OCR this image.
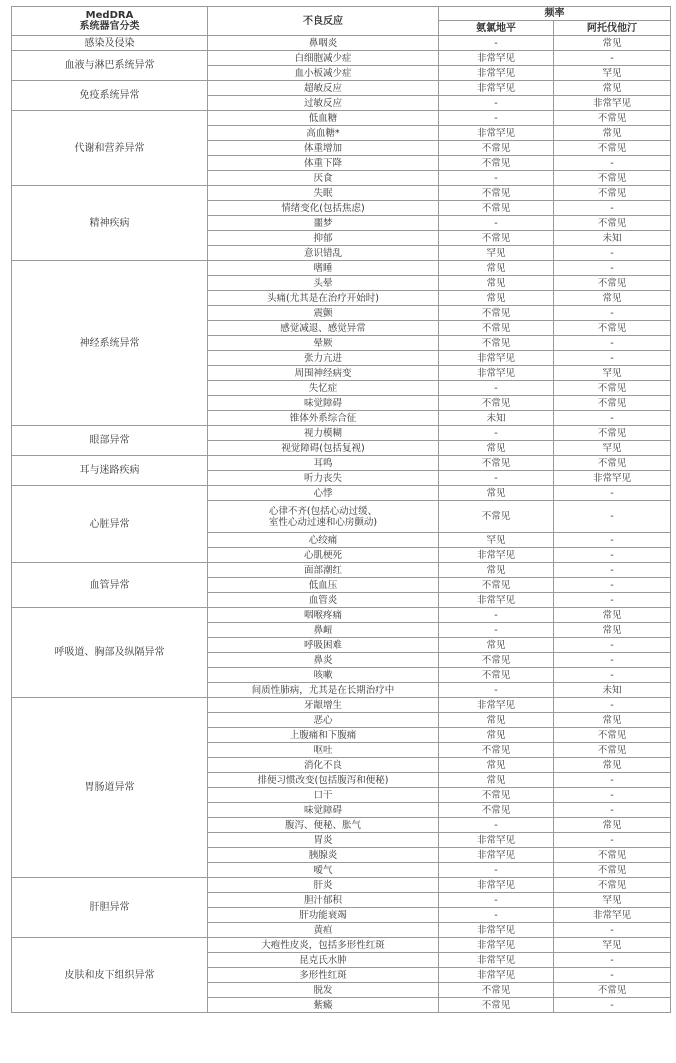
MedDRA
系统器官分类	不良反应	频率	
		氨氯地平	阿托伐他汀
感染及侵染	鼻咽炎	-	常见
血液与淋巴系统异常	白细胞减少症	非常罕见	-
	血小板减少症	非常罕见	罕见
免疫系统异常	超敏反应	非常罕见	常见
	过敏反应	-	非常罕见
代谢和营养异常	低血糖	-	不常见
	高血糖*	非常罕见	常见
	体重增加	不常见	不常见
	体重下降	不常见	-
	厌食	-	不常见
精神疾病	失眠	不常见	不常见
	情绪变化(包括焦虑)	不常见	-
	噩梦	-	不常见
	抑郁	不常见	未知
	意识错乱	罕见	-
神经系统异常	嗜睡	常见	-
	头晕	常见	不常见
	头痛(尤其是在治疗开始时)	常见	常见
	震颤	不常见	-
	感觉减退、感觉异常	不常见	不常见
	晕厥	不常见	-
	张力亢进	非常罕见	-
	周围神经病变	非常罕见	罕见
	失忆症	-	不常见
	味觉障碍	不常见	不常见
	锥体外系综合征	未知	-
眼部异常	视力模糊	-	不常见
	视觉障碍(包括复视)	常见	罕见
耳与迷路疾病	耳鸣	不常见	不常见
	听力丧失	-	非常罕见
心脏异常	心悸	常见	-

	心律不齐(包括心动过缓、
室性心动过速和心房颤动)	不常见	-
	心绞痛	罕见	-
	心肌梗死	非常罕见	-
血管异常	面部潮红	常见	-
	低血压	不常见	-
	血管炎	非常罕见	-
呼吸道、胸部及纵隔异常	咽喉疼痛	-	常见
	鼻衄	-	常见
	呼吸困难	常见	-
	鼻炎	不常见	-
	咳嗽	不常见	-
	间质性肺病，尤其是在长期治疗中	-	未知
胃肠道异常	牙龈增生	非常罕见	-
	恶心	常见	常见
	上腹痛和下腹痛	常见	不常见
	呕吐	不常见	不常见
	消化不良	常见	常见
	排便习惯改变(包括腹泻和便秘)	常见	-
	口干	不常见	-
	味觉障碍	不常见	-
	腹泻、便秘、胀气	-	常见
	胃炎	非常罕见	-
	胰腺炎	非常罕见	不常见
	嗳气	-	不常见
肝胆异常	肝炎	非常罕见	不常见
	胆汁郁积	-	罕见
	肝功能衰竭	-	非常罕见
	黄疸	非常罕见	-
皮肤和皮下组织异常	大疱性皮炎，包括多形性红斑	非常罕见	罕见
	昆克氏水肿	非常罕见	-
	多形性红斑	非常罕见	-
	脱发	不常见	不常见
	紫癜	不常见	-
